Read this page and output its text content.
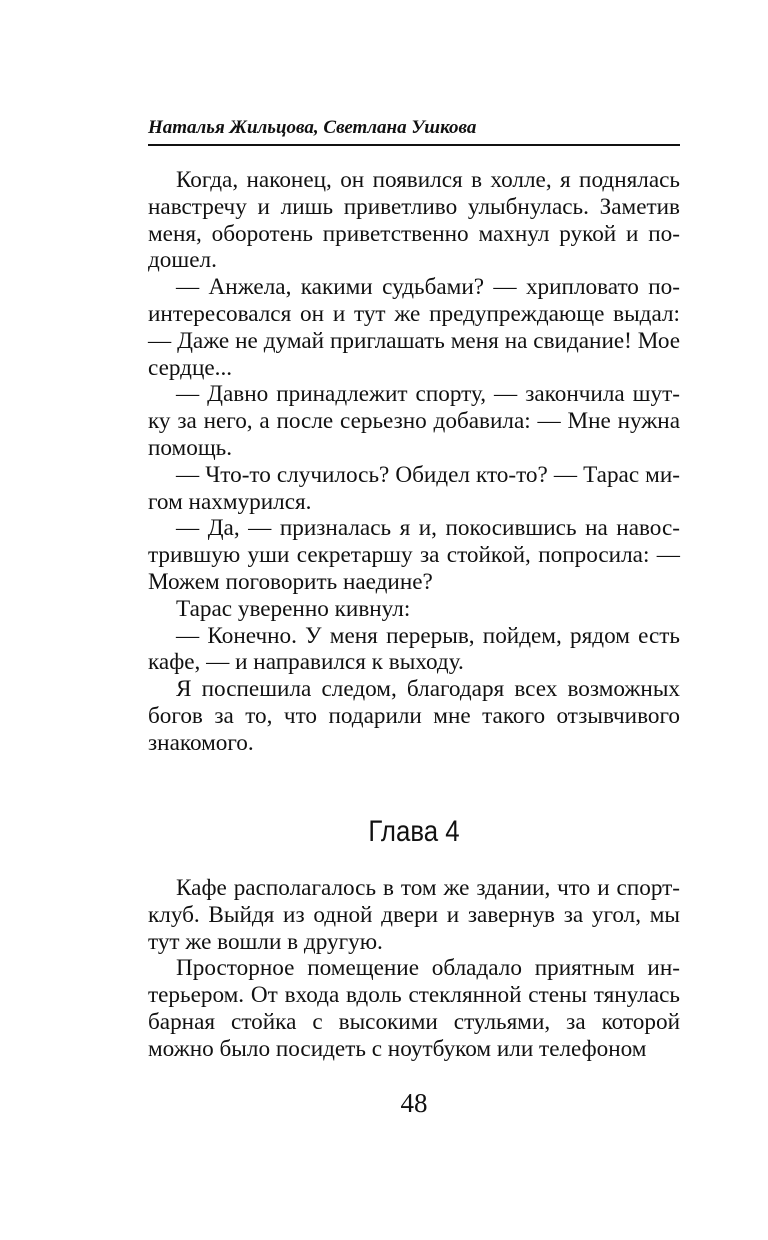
Наталья Жильцова, Светлана Ушкова

Когда, наконец, он появился в холле, я поднялась навстречу и лишь приветливо улыбнулась. Заметив меня, оборотень приветственно махнул рукой и подошел.

— Анжела, какими судьбами? — хрипловато поинтересовался он и тут же предупреждающе выдал: — Даже не думай приглашать меня на свидание! Мое сердце...

— Давно принадлежит спорту, — закончила шутку за него, а после серьезно добавила: — Мне нужна помощь.

— Что-то случилось? Обидел кто-то? — Тарас мигом нахмурился.

— Да, — призналась я и, покосившись на навострившую уши секретаршу за стойкой, попросила: — Можем поговорить наедине?

Тарас уверенно кивнул:

— Конечно. У меня перерыв, пойдем, рядом есть кафе, — и направился к выходу.

Я поспешила следом, благодаря всех возможных богов за то, что подарили мне такого отзывчивого знакомого.

Глава 4

Кафе располагалось в том же здании, что и спортклуб. Выйдя из одной двери и завернув за угол, мы тут же вошли в другую.

Просторное помещение обладало приятным интерьером. От входа вдоль стеклянной стены тянулась барная стойка с высокими стульями, за которой можно было посидеть с ноутбуком или телефоном

48
